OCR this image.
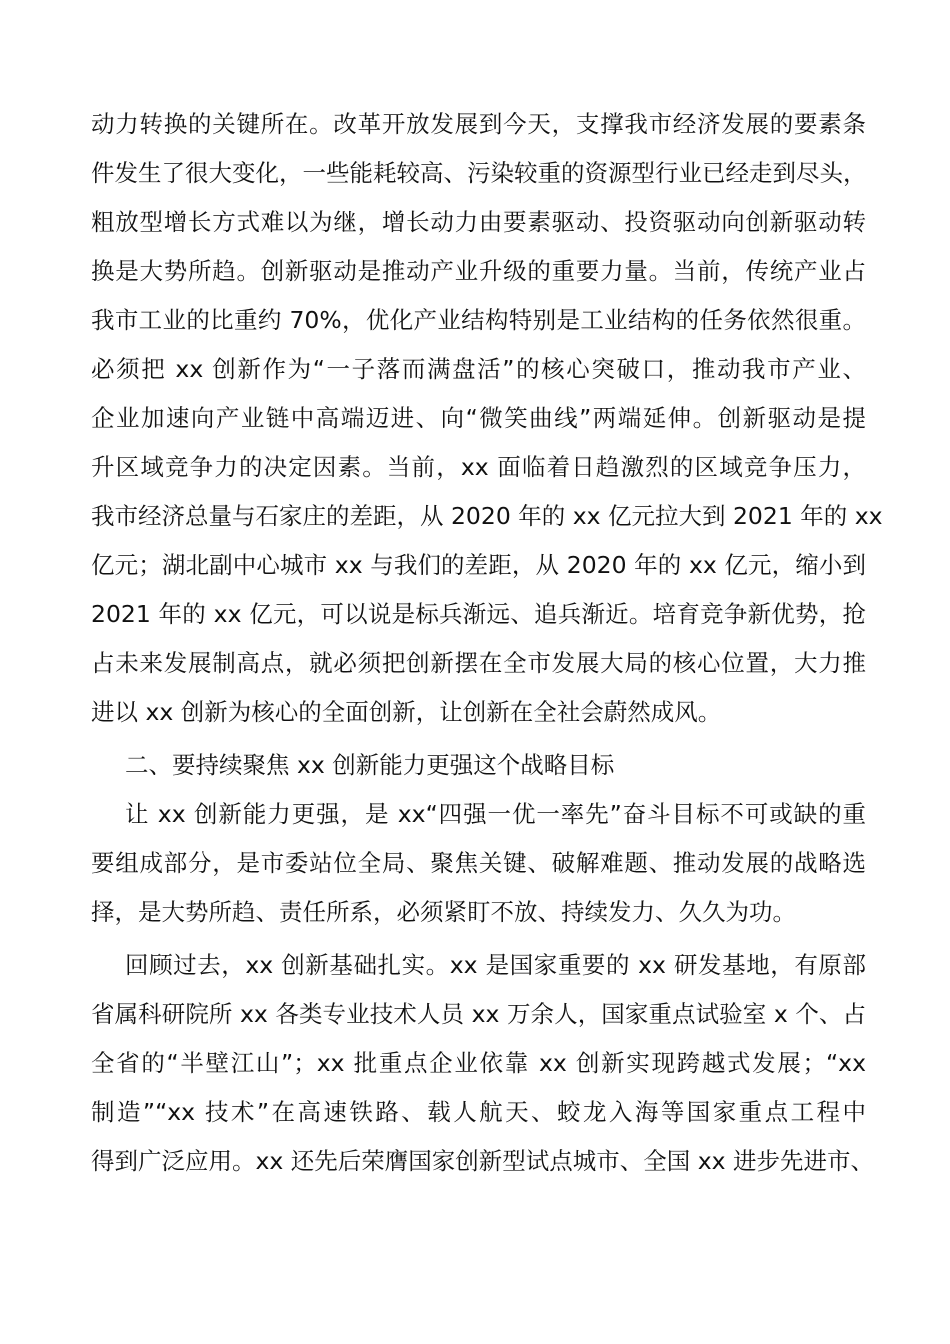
动力转换的关键所在。改革开放发展到今天，支撑我市经济发展的要素条
件发生了很大变化，一些能耗较高、污染较重的资源型行业已经走到尽头，
粗放型增长方式难以为继，增长动力由要素驱动、投资驱动向创新驱动转
换是大势所趋。创新驱动是推动产业升级的重要力量。当前，传统产业占
我市工业的比重约 70%，优化产业结构特别是工业结构的任务依然很重。
必须把 xx 创新作为“一子落而满盘活”的核心突破口，推动我市产业、
企业加速向产业链中高端迈进、向“微笑曲线”两端延伸。创新驱动是提
升区域竞争力的决定因素。当前，xx 面临着日趋激烈的区域竞争压力，
我市经济总量与石家庄的差距，从 2020 年的 xx 亿元拉大到 2021 年的 xx
亿元；湖北副中心城市 xx 与我们的差距，从 2020 年的 xx 亿元，缩小到
2021 年的 xx 亿元，可以说是标兵渐远、追兵渐近。培育竞争新优势，抢
占未来发展制高点，就必须把创新摆在全市发展大局的核心位置，大力推
进以 xx 创新为核心的全面创新，让创新在全社会蔚然成风。
二、要持续聚焦 xx 创新能力更强这个战略目标
让 xx 创新能力更强，是 xx“四强一优一率先”奋斗目标不可或缺的重
要组成部分，是市委站位全局、聚焦关键、破解难题、推动发展的战略选
择，是大势所趋、责任所系，必须紧盯不放、持续发力、久久为功。
回顾过去，xx 创新基础扎实。xx 是国家重要的 xx 研发基地，有原部
省属科研院所 xx 各类专业技术人员 xx 万余人，国家重点试验室 x 个、占
全省的“半壁江山”；xx 批重点企业依靠 xx 创新实现跨越式发展；“xx
制造”“xx 技术”在高速铁路、载人航天、蛟龙入海等国家重点工程中
得到广泛应用。xx 还先后荣膺国家创新型试点城市、全国 xx 进步先进市、
